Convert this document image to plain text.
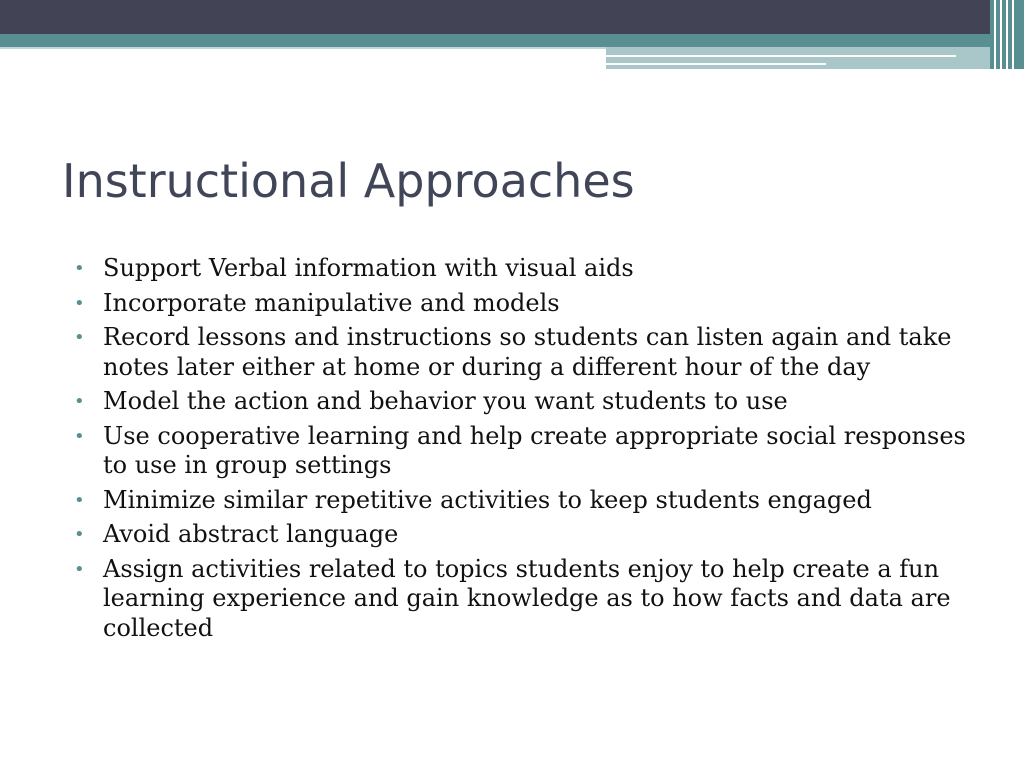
Instructional Approaches
• Support Verbal information with visual aids
• Incorporate manipulative and models
• Record lessons and instructions so students can listen again and take notes later either at home or during a different hour of the day
• Model the action and behavior you want students to use
• Use cooperative learning and help create appropriate social responses to use in group settings
• Minimize similar repetitive activities to keep students engaged
• Avoid abstract language
• Assign activities related to topics students enjoy to help create a fun learning experience and gain knowledge as to how facts and data are collected
